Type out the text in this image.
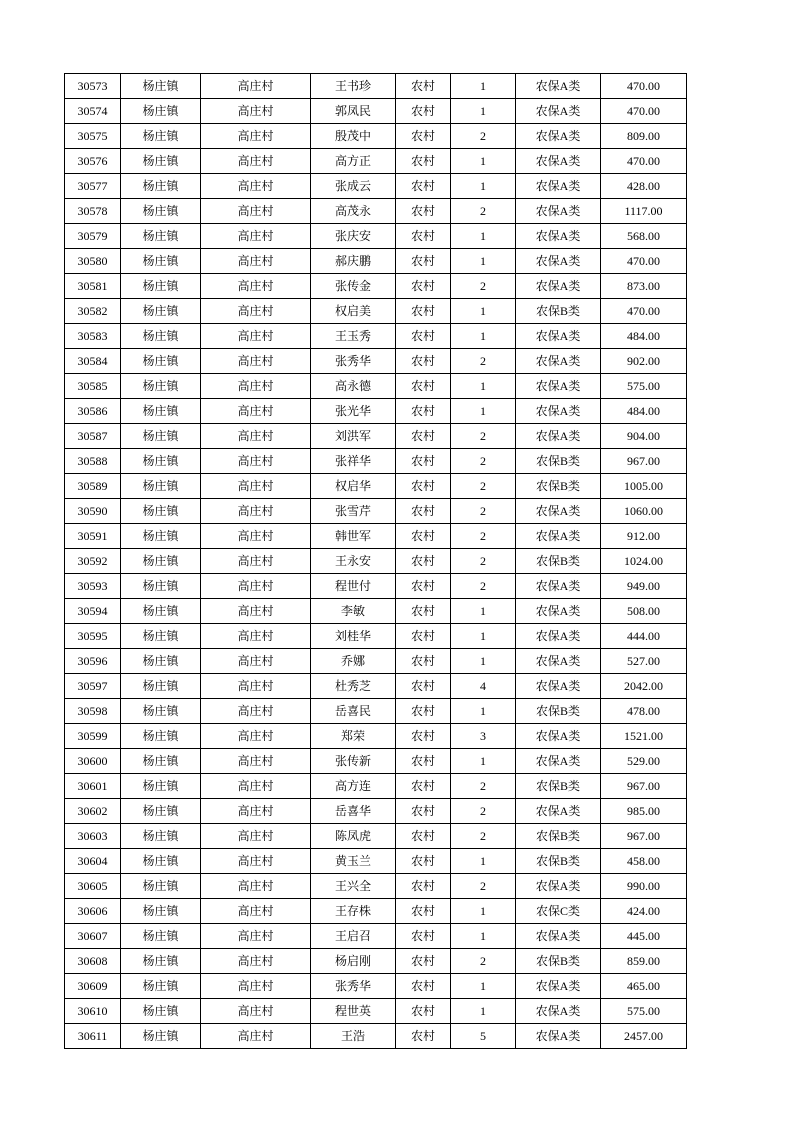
30573	杨庄镇	高庄村	王书珍	农村	1	农保A类	470.00
30574	杨庄镇	高庄村	郭凤民	农村	1	农保A类	470.00
30575	杨庄镇	高庄村	殷茂中	农村	2	农保A类	809.00
30576	杨庄镇	高庄村	高方正	农村	1	农保A类	470.00
30577	杨庄镇	高庄村	张成云	农村	1	农保A类	428.00
30578	杨庄镇	高庄村	高茂永	农村	2	农保A类	1117.00
30579	杨庄镇	高庄村	张庆安	农村	1	农保A类	568.00
30580	杨庄镇	高庄村	郝庆鹏	农村	1	农保A类	470.00
30581	杨庄镇	高庄村	张传金	农村	2	农保A类	873.00
30582	杨庄镇	高庄村	权启美	农村	1	农保B类	470.00
30583	杨庄镇	高庄村	王玉秀	农村	1	农保A类	484.00
30584	杨庄镇	高庄村	张秀华	农村	2	农保A类	902.00
30585	杨庄镇	高庄村	高永德	农村	1	农保A类	575.00
30586	杨庄镇	高庄村	张光华	农村	1	农保A类	484.00
30587	杨庄镇	高庄村	刘洪军	农村	2	农保A类	904.00
30588	杨庄镇	高庄村	张祥华	农村	2	农保B类	967.00
30589	杨庄镇	高庄村	权启华	农村	2	农保B类	1005.00
30590	杨庄镇	高庄村	张雪芹	农村	2	农保A类	1060.00
30591	杨庄镇	高庄村	韩世军	农村	2	农保A类	912.00
30592	杨庄镇	高庄村	王永安	农村	2	农保B类	1024.00
30593	杨庄镇	高庄村	程世付	农村	2	农保A类	949.00
30594	杨庄镇	高庄村	李敏	农村	1	农保A类	508.00
30595	杨庄镇	高庄村	刘桂华	农村	1	农保A类	444.00
30596	杨庄镇	高庄村	乔娜	农村	1	农保A类	527.00
30597	杨庄镇	高庄村	杜秀芝	农村	4	农保A类	2042.00
30598	杨庄镇	高庄村	岳喜民	农村	1	农保B类	478.00
30599	杨庄镇	高庄村	郑荣	农村	3	农保A类	1521.00
30600	杨庄镇	高庄村	张传新	农村	1	农保A类	529.00
30601	杨庄镇	高庄村	高方连	农村	2	农保B类	967.00
30602	杨庄镇	高庄村	岳喜华	农村	2	农保A类	985.00
30603	杨庄镇	高庄村	陈凤虎	农村	2	农保B类	967.00
30604	杨庄镇	高庄村	黄玉兰	农村	1	农保B类	458.00
30605	杨庄镇	高庄村	王兴全	农村	2	农保A类	990.00
30606	杨庄镇	高庄村	王存株	农村	1	农保C类	424.00
30607	杨庄镇	高庄村	王启召	农村	1	农保A类	445.00
30608	杨庄镇	高庄村	杨启刚	农村	2	农保B类	859.00
30609	杨庄镇	高庄村	张秀华	农村	1	农保A类	465.00
30610	杨庄镇	高庄村	程世英	农村	1	农保A类	575.00
30611	杨庄镇	高庄村	王浩	农村	5	农保A类	2457.00
